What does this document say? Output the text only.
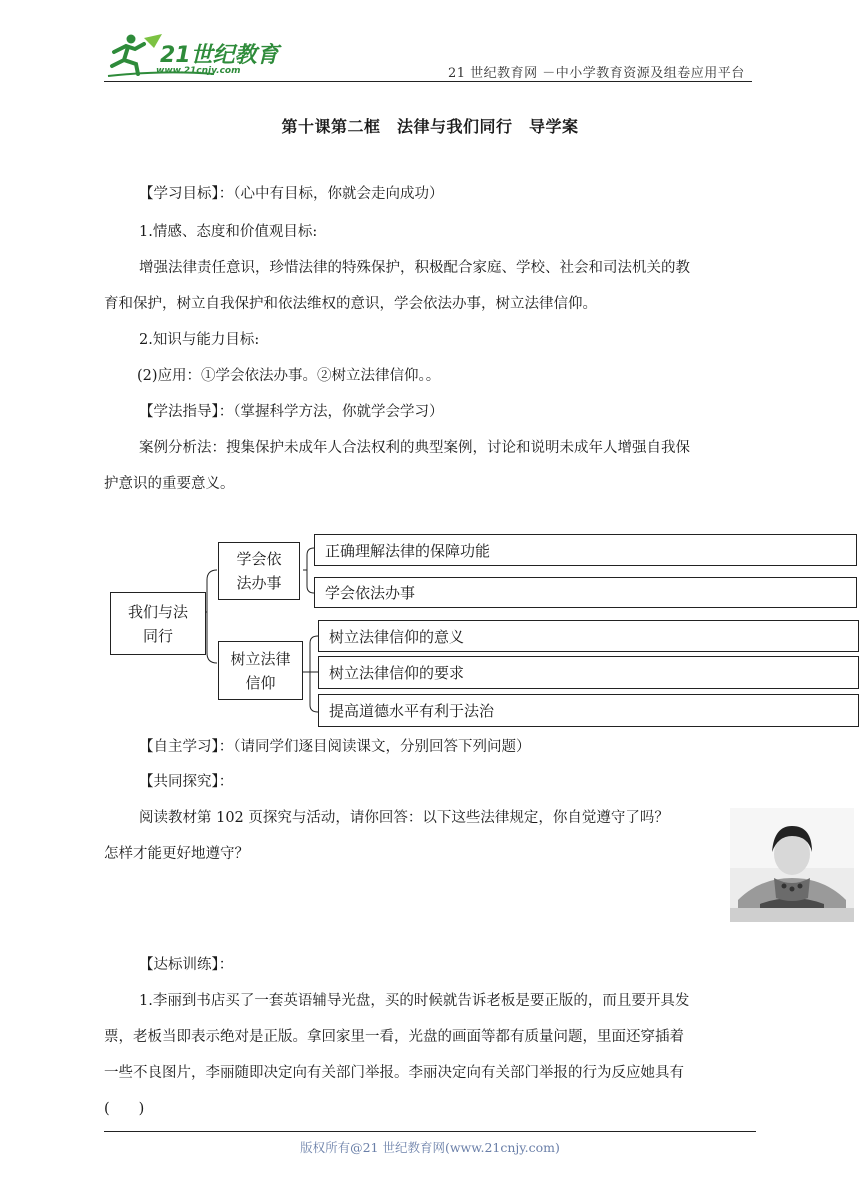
21世纪教育
www.21cnjy.com	21 世纪教育网 －中小学教育资源及组卷应用平台
第十课第二框　法律与我们同行　导学案
【学习目标】：（心中有目标，你就会走向成功）
1.情感、态度和价值观目标:
增强法律责任意识，珍惜法律的特殊保护，积极配合家庭、学校、社会和司法机关的教
育和保护，树立自我保护和依法维权的意识，学会依法办事，树立法律信仰。
2.知识与能力目标:
(2)应用：①学会依法办事。②树立法律信仰。。
【学法指导】：（掌握科学方法，你就学会学习）
案例分析法：搜集保护未成年人合法权利的典型案例，讨论和说明未成年人增强自我保
护意识的重要意义。
我们与法同行
学会依法办事
树立法律信仰
正确理解法律的保障功能
学会依法办事
树立法律信仰的意义
树立法律信仰的要求
提高道德水平有利于法治
【自主学习】：（请同学们逐目阅读课文，分别回答下列问题）
【共同探究】：
阅读教材第 102 页探究与活动，请你回答：以下这些法律规定，你自觉遵守了吗？
怎样才能更好地遵守？
【达标训练】：
1.李丽到书店买了一套英语辅导光盘，买的时候就告诉老板是要正版的，而且要开具发
票，老板当即表示绝对是正版。拿回家里一看，光盘的画面等都有质量问题，里面还穿插着
一些不良图片，李丽随即决定向有关部门举报。李丽决定向有关部门举报的行为反应她具有
(　　)
版权所有@21 世纪教育网(www.21cnjy.com)
